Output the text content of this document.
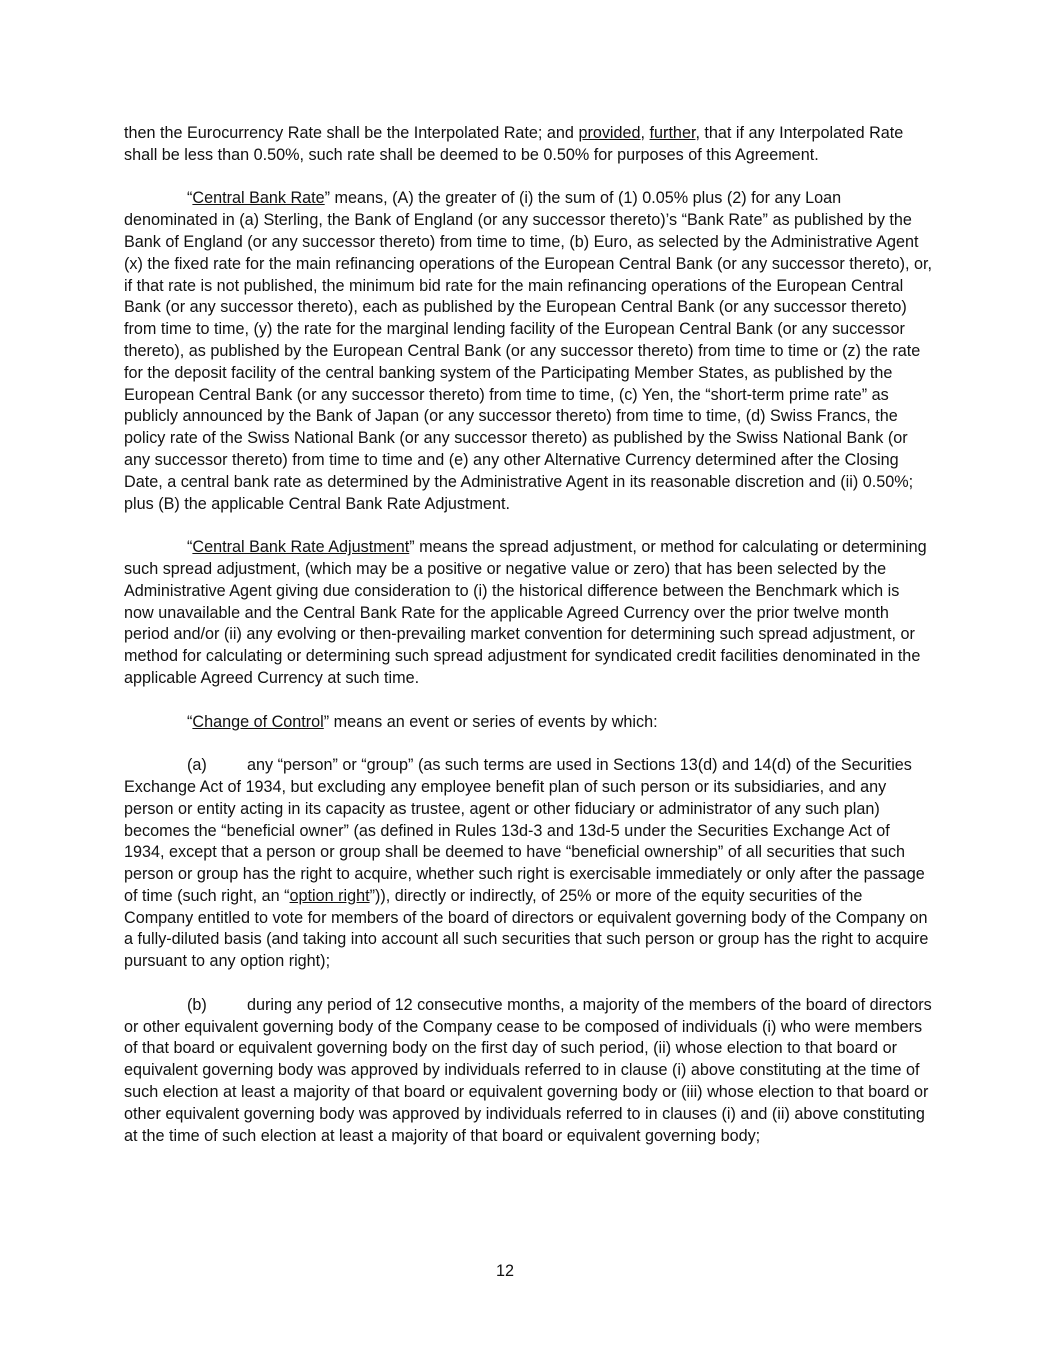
then the Eurocurrency Rate shall be the Interpolated Rate; and provided, further, that if any Interpolated Rate shall be less than 0.50%, such rate shall be deemed to be 0.50% for purposes of this Agreement.

“Central Bank Rate” means, (A) the greater of (i) the sum of (1) 0.05% plus (2) for any Loan denominated in (a) Sterling, the Bank of England (or any successor thereto)’s “Bank Rate” as published by the Bank of England (or any successor thereto) from time to time, (b) Euro, as selected by the Administrative Agent (x) the fixed rate for the main refinancing operations of the European Central Bank (or any successor thereto), or, if that rate is not published, the minimum bid rate for the main refinancing operations of the European Central Bank (or any successor thereto), each as published by the European Central Bank (or any successor thereto) from time to time, (y) the rate for the marginal lending facility of the European Central Bank (or any successor thereto), as published by the European Central Bank (or any successor thereto) from time to time or (z) the rate for the deposit facility of the central banking system of the Participating Member States, as published by the European Central Bank (or any successor thereto) from time to time, (c) Yen, the “short-term prime rate” as publicly announced by the Bank of Japan (or any successor thereto) from time to time, (d) Swiss Francs, the policy rate of the Swiss National Bank (or any successor thereto) as published by the Swiss National Bank (or any successor thereto) from time to time and (e) any other Alternative Currency determined after the Closing Date, a central bank rate as determined by the Administrative Agent in its reasonable discretion and (ii) 0.50%; plus (B) the applicable Central Bank Rate Adjustment.

“Central Bank Rate Adjustment” means the spread adjustment, or method for calculating or determining such spread adjustment, (which may be a positive or negative value or zero) that has been selected by the Administrative Agent giving due consideration to (i) the historical difference between the Benchmark which is now unavailable and the Central Bank Rate for the applicable Agreed Currency over the prior twelve month period and/or (ii) any evolving or then-prevailing market convention for determining such spread adjustment, or method for calculating or determining such spread adjustment for syndicated credit facilities denominated in the applicable Agreed Currency at such time.

“Change of Control” means an event or series of events by which:

(a) any “person” or “group” (as such terms are used in Sections 13(d) and 14(d) of the Securities Exchange Act of 1934, but excluding any employee benefit plan of such person or its subsidiaries, and any person or entity acting in its capacity as trustee, agent or other fiduciary or administrator of any such plan) becomes the “beneficial owner” (as defined in Rules 13d-3 and 13d-5 under the Securities Exchange Act of 1934, except that a person or group shall be deemed to have “beneficial ownership” of all securities that such person or group has the right to acquire, whether such right is exercisable immediately or only after the passage of time (such right, an “option right”)), directly or indirectly, of 25% or more of the equity securities of the Company entitled to vote for members of the board of directors or equivalent governing body of the Company on a fully-diluted basis (and taking into account all such securities that such person or group has the right to acquire pursuant to any option right);

(b) during any period of 12 consecutive months, a majority of the members of the board of directors or other equivalent governing body of the Company cease to be composed of individuals (i) who were members of that board or equivalent governing body on the first day of such period, (ii) whose election to that board or equivalent governing body was approved by individuals referred to in clause (i) above constituting at the time of such election at least a majority of that board or equivalent governing body or (iii) whose election to that board or other equivalent governing body was approved by individuals referred to in clauses (i) and (ii) above constituting at the time of such election at least a majority of that board or equivalent governing body;

12
